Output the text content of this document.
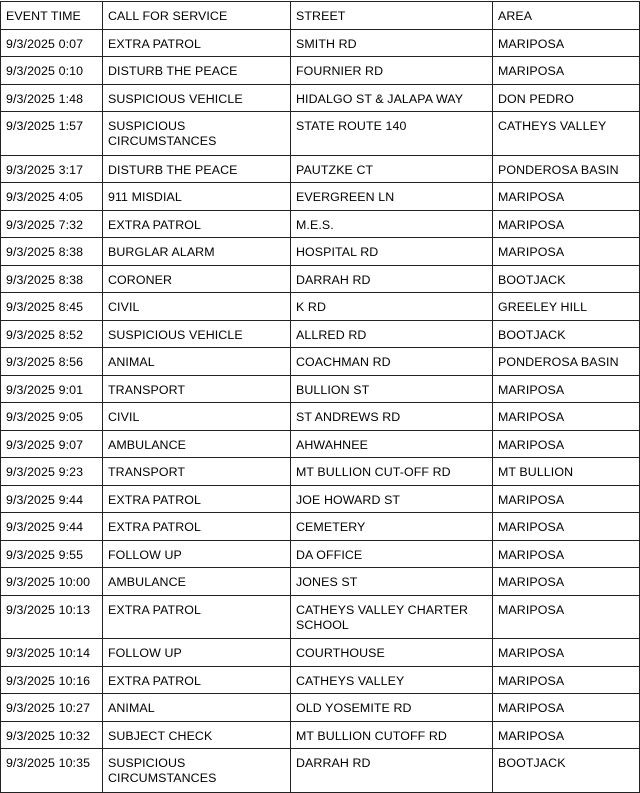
EVENT TIME	CALL FOR SERVICE	STREET	AREA
9/3/2025 0:07	EXTRA PATROL	SMITH RD	MARIPOSA
9/3/2025 0:10	DISTURB THE PEACE	FOURNIER RD	MARIPOSA
9/3/2025 1:48	SUSPICIOUS VEHICLE	HIDALGO ST & JALAPA WAY	DON PEDRO
9/3/2025 1:57	SUSPICIOUS CIRCUMSTANCES	STATE ROUTE 140	CATHEYS VALLEY
9/3/2025 3:17	DISTURB THE PEACE	PAUTZKE CT	PONDEROSA BASIN
9/3/2025 4:05	911 MISDIAL	EVERGREEN LN	MARIPOSA
9/3/2025 7:32	EXTRA PATROL	M.E.S.	MARIPOSA
9/3/2025 8:38	BURGLAR ALARM	HOSPITAL RD	MARIPOSA
9/3/2025 8:38	CORONER	DARRAH RD	BOOTJACK
9/3/2025 8:45	CIVIL	K RD	GREELEY HILL
9/3/2025 8:52	SUSPICIOUS VEHICLE	ALLRED RD	BOOTJACK
9/3/2025 8:56	ANIMAL	COACHMAN RD	PONDEROSA BASIN
9/3/2025 9:01	TRANSPORT	BULLION ST	MARIPOSA
9/3/2025 9:05	CIVIL	ST ANDREWS RD	MARIPOSA
9/3/2025 9:07	AMBULANCE	AHWAHNEE	MARIPOSA
9/3/2025 9:23	TRANSPORT	MT BULLION CUT-OFF RD	MT BULLION
9/3/2025 9:44	EXTRA PATROL	JOE HOWARD ST	MARIPOSA
9/3/2025 9:44	EXTRA PATROL	CEMETERY	MARIPOSA
9/3/2025 9:55	FOLLOW UP	DA OFFICE	MARIPOSA
9/3/2025 10:00	AMBULANCE	JONES ST	MARIPOSA
9/3/2025 10:13	EXTRA PATROL	CATHEYS VALLEY CHARTER SCHOOL	MARIPOSA
9/3/2025 10:14	FOLLOW UP	COURTHOUSE	MARIPOSA
9/3/2025 10:16	EXTRA PATROL	CATHEYS VALLEY	MARIPOSA
9/3/2025 10:27	ANIMAL	OLD YOSEMITE RD	MARIPOSA
9/3/2025 10:32	SUBJECT CHECK	MT BULLION CUTOFF RD	MARIPOSA
9/3/2025 10:35	SUSPICIOUS CIRCUMSTANCES	DARRAH RD	BOOTJACK
